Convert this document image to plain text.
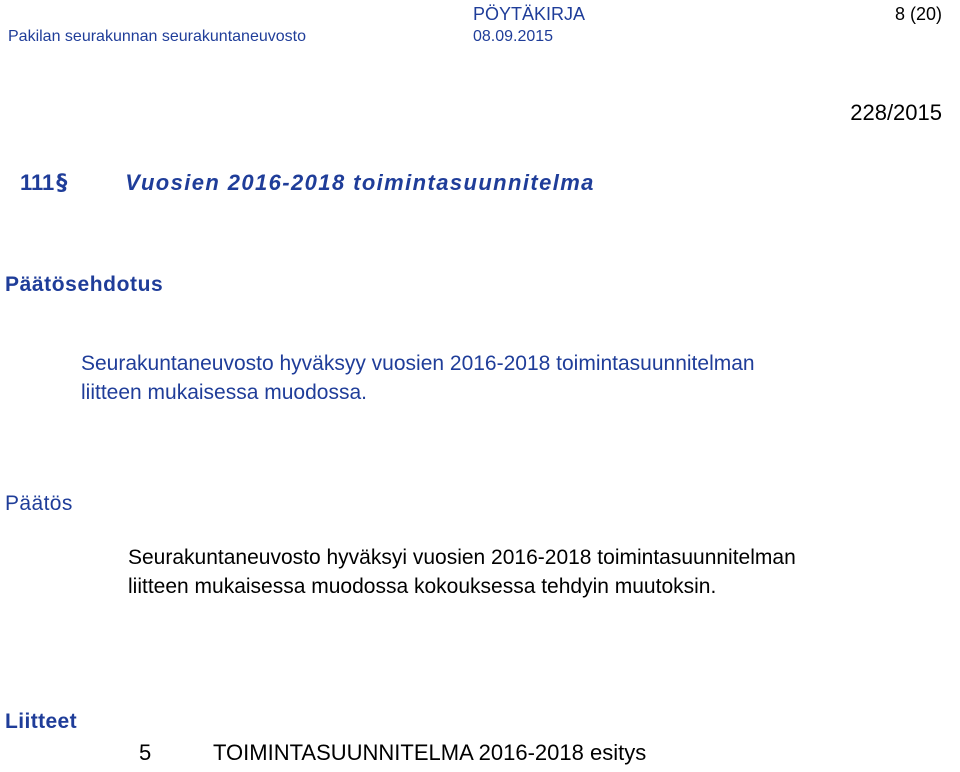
PÖYTÄKIRJA	8 (20)
Pakilan seurakunnan seurakuntaneuvosto	08.09.2015
228/2015
111§	Vuosien 2016-2018 toimintasuunnitelma
Päätösehdotus
Seurakuntaneuvosto hyväksyy vuosien 2016-2018 toimintasuunnitelman
liitteen mukaisessa muodossa.
Päätös
Seurakuntaneuvosto hyväksyi vuosien 2016-2018 toimintasuunnitelman
liitteen mukaisessa muodossa kokouksessa tehdyin muutoksin.
Liitteet
5	TOIMINTASUUNNITELMA 2016-2018 esitys
